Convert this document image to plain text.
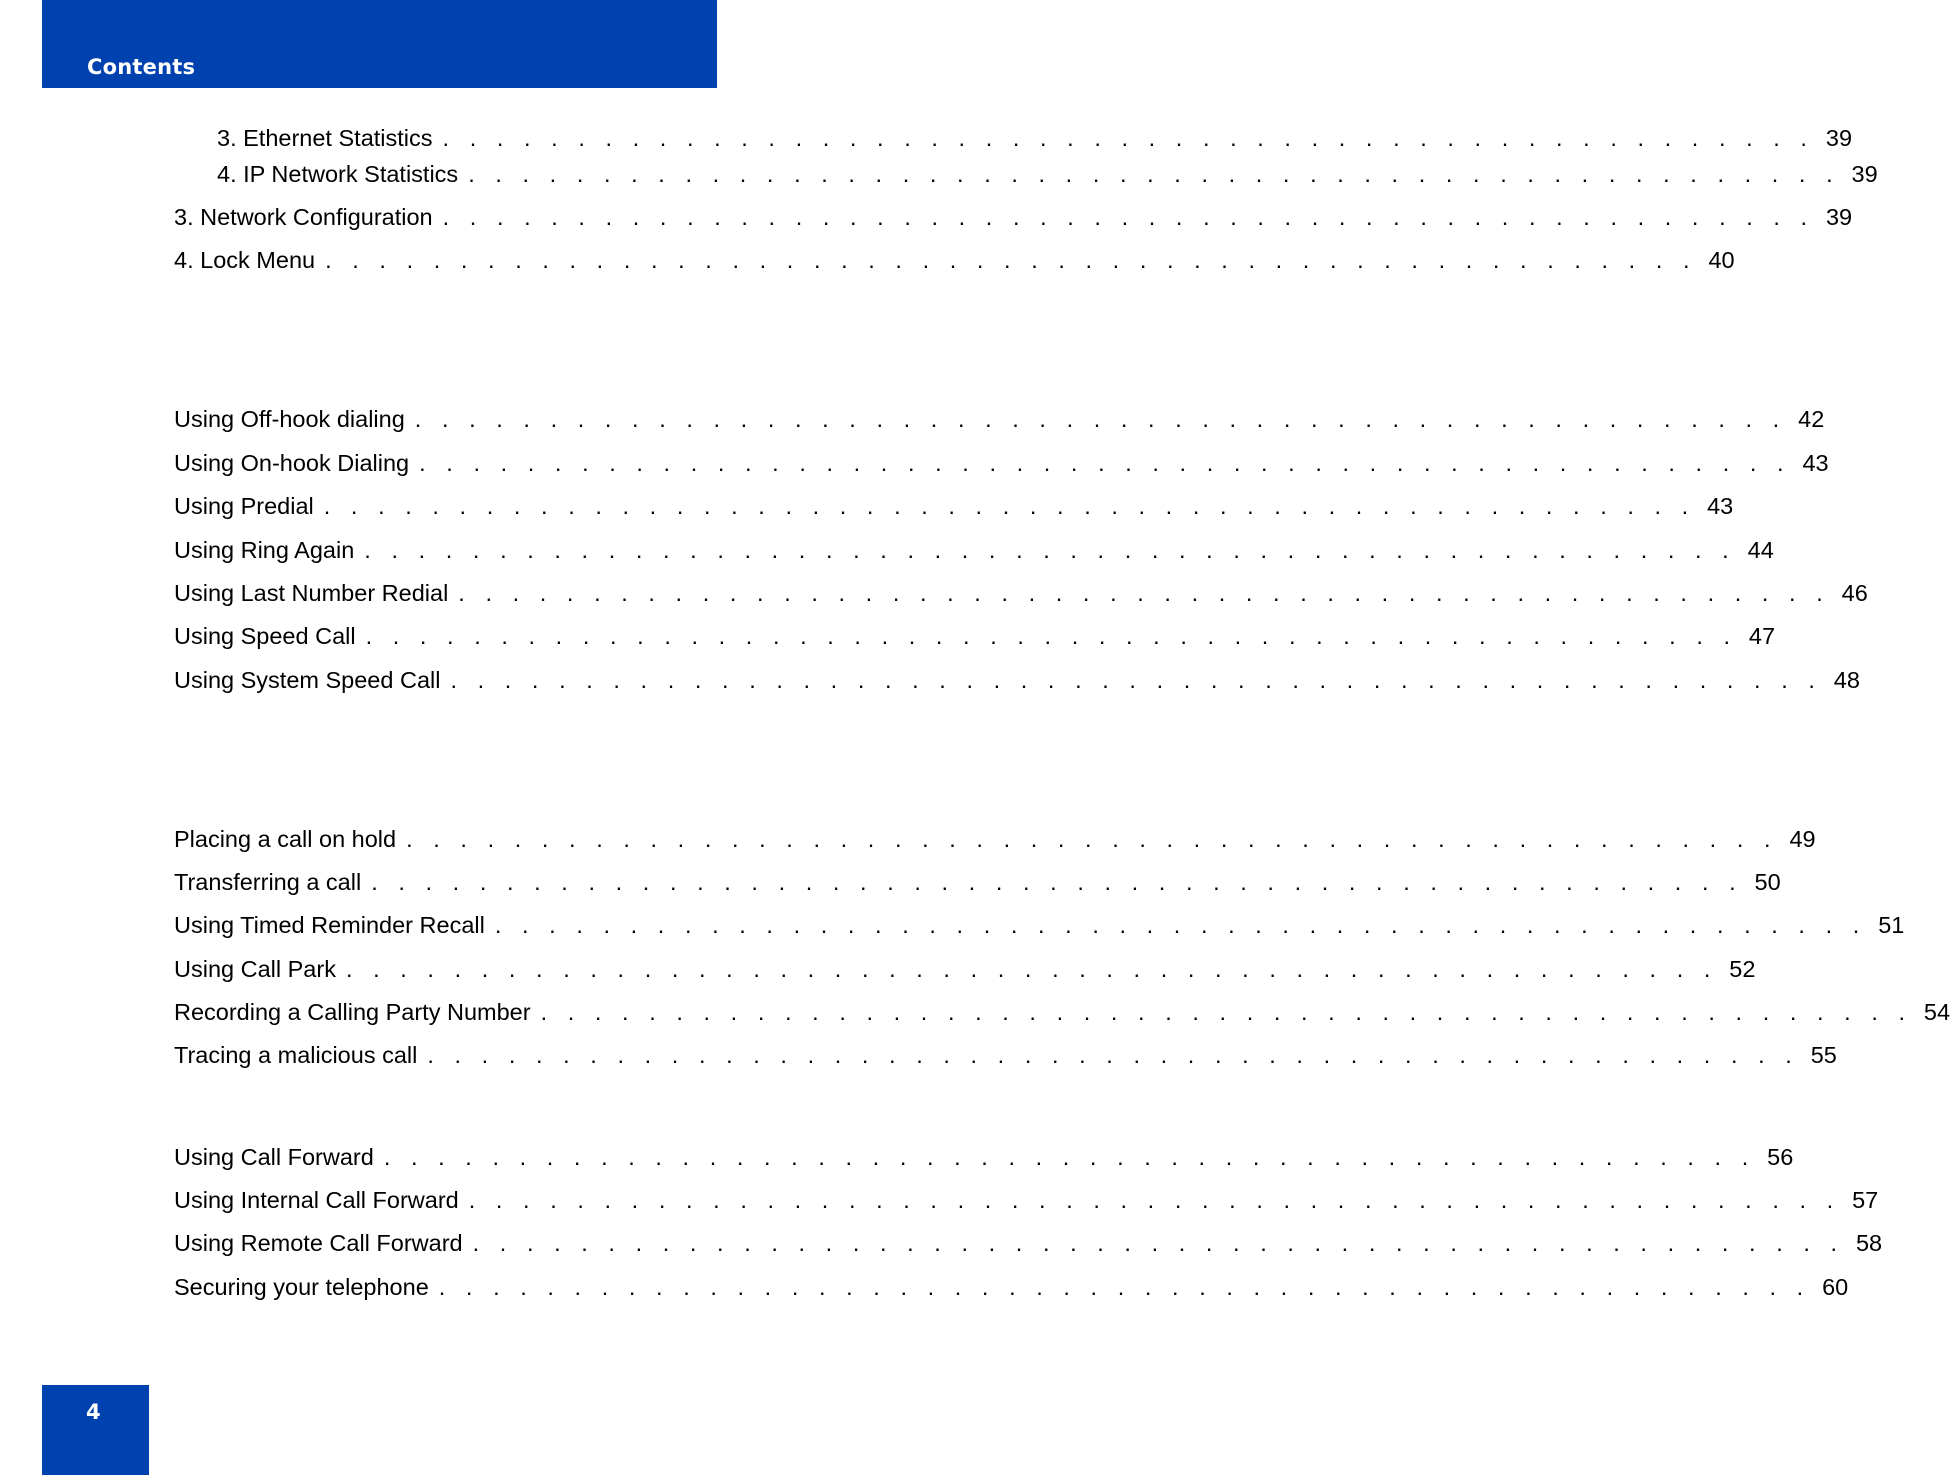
Contents
3. Ethernet Statistics . . . . . . . . . . . . . . . . . . . . . . . . . . . . . . . . . . . . . . . . . . . . . . . . . . . 39
4. IP Network Statistics . . . . . . . . . . . . . . . . . . . . . . . . . . . . . . . . . . . . . . . . . . . . . . . . . . . 39
3. Network Configuration . . . . . . . . . . . . . . . . . . . . . . . . . . . . . . . . . . . . . . . . . . . . . . . . . . . 39
4. Lock Menu . . . . . . . . . . . . . . . . . . . . . . . . . . . . . . . . . . . . . . . . . . . . . . . . . . . 40
Using Off-hook dialing . . . . . . . . . . . . . . . . . . . . . . . . . . . . . . . . . . . . . . . . . . . . . . . . . . . 42
Using On-hook Dialing . . . . . . . . . . . . . . . . . . . . . . . . . . . . . . . . . . . . . . . . . . . . . . . . . . . 43
Using Predial . . . . . . . . . . . . . . . . . . . . . . . . . . . . . . . . . . . . . . . . . . . . . . . . . . . 43
Using Ring Again . . . . . . . . . . . . . . . . . . . . . . . . . . . . . . . . . . . . . . . . . . . . . . . . . . . 44
Using Last Number Redial . . . . . . . . . . . . . . . . . . . . . . . . . . . . . . . . . . . . . . . . . . . . . . . . . . . 46
Using Speed Call . . . . . . . . . . . . . . . . . . . . . . . . . . . . . . . . . . . . . . . . . . . . . . . . . . . 47
Using System Speed Call . . . . . . . . . . . . . . . . . . . . . . . . . . . . . . . . . . . . . . . . . . . . . . . . . . . 48
Placing a call on hold . . . . . . . . . . . . . . . . . . . . . . . . . . . . . . . . . . . . . . . . . . . . . . . . . . . 49
Transferring a call . . . . . . . . . . . . . . . . . . . . . . . . . . . . . . . . . . . . . . . . . . . . . . . . . . . 50
Using Timed Reminder Recall . . . . . . . . . . . . . . . . . . . . . . . . . . . . . . . . . . . . . . . . . . . . . . . . . . . 51
Using Call Park . . . . . . . . . . . . . . . . . . . . . . . . . . . . . . . . . . . . . . . . . . . . . . . . . . . 52
Recording a Calling Party Number . . . . . . . . . . . . . . . . . . . . . . . . . . . . . . . . . . . . . . . . . . . . . . . . . . . 54
Tracing a malicious call . . . . . . . . . . . . . . . . . . . . . . . . . . . . . . . . . . . . . . . . . . . . . . . . . . . 55
Using Call Forward . . . . . . . . . . . . . . . . . . . . . . . . . . . . . . . . . . . . . . . . . . . . . . . . . . . 56
Using Internal Call Forward . . . . . . . . . . . . . . . . . . . . . . . . . . . . . . . . . . . . . . . . . . . . . . . . . . . 57
Using Remote Call Forward . . . . . . . . . . . . . . . . . . . . . . . . . . . . . . . . . . . . . . . . . . . . . . . . . . . 58
Securing your telephone . . . . . . . . . . . . . . . . . . . . . . . . . . . . . . . . . . . . . . . . . . . . . . . . . . . 60
4
